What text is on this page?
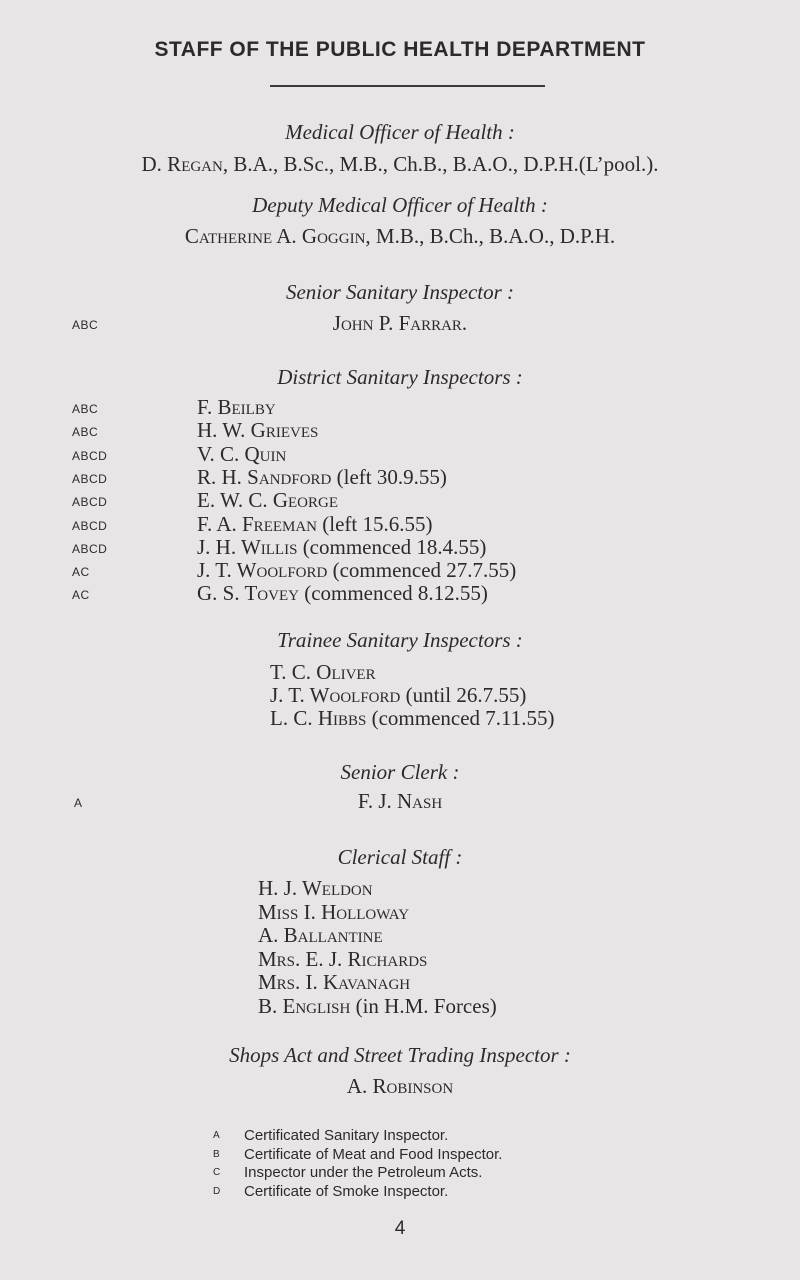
STAFF OF THE PUBLIC HEALTH DEPARTMENT
Medical Officer of Health :
D. Regan, B.A., B.Sc., M.B., Ch.B., B.A.O., D.P.H.(L’pool.).
Deputy Medical Officer of Health :
Catherine A. Goggin, M.B., B.Ch., B.A.O., D.P.H.
Senior Sanitary Inspector :
ABC	John P. Farrar.
District Sanitary Inspectors :
ABC	F. Beilby
ABC	H. W. Grieves
ABCD	V. C. Quin
ABCD	R. H. Sandford (left 30.9.55)
ABCD	E. W. C. George
ABCD	F. A. Freeman (left 15.6.55)
ABCD	J. H. Willis (commenced 18.4.55)
AC	J. T. Woolford (commenced 27.7.55)
AC	G. S. Tovey (commenced 8.12.55)
Trainee Sanitary Inspectors :
T. C. Oliver
J. T. Woolford (until 26.7.55)
L. C. Hibbs (commenced 7.11.55)
Senior Clerk :
A	F. J. Nash
Clerical Staff :
H. J. Weldon
Miss I. Holloway
A. Ballantine
Mrs. E. J. Richards
Mrs. I. Kavanagh
B. English (in H.M. Forces)
Shops Act and Street Trading Inspector :
A. Robinson
A	Certificated Sanitary Inspector.
B	Certificate of Meat and Food Inspector.
C	Inspector under the Petroleum Acts.
D	Certificate of Smoke Inspector.
4
